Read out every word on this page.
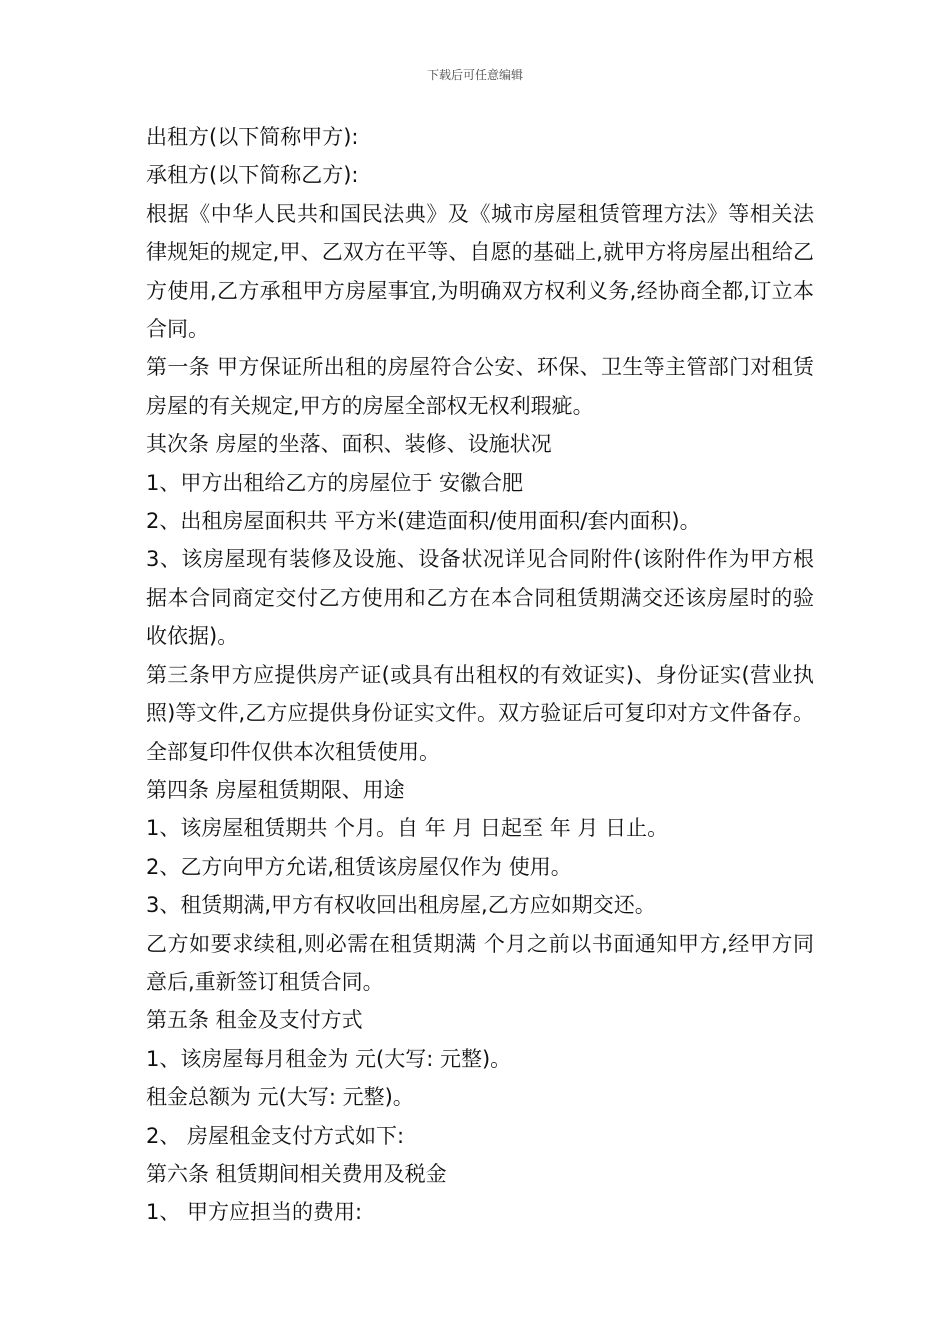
下载后可任意编辑

出租方(以下简称甲方):

承租方(以下简称乙方):

根据《中华人民共和国民法典》及《城市房屋租赁管理方法》等相关法律规矩的规定,甲、乙双方在平等、自愿的基础上,就甲方将房屋出租给乙方使用,乙方承租甲方房屋事宜,为明确双方权利义务,经协商全都,订立本合同。

第一条 甲方保证所出租的房屋符合公安、环保、卫生等主管部门对租赁房屋的有关规定,甲方的房屋全部权无权利瑕疵。

其次条 房屋的坐落、面积、装修、设施状况

1、甲方出租给乙方的房屋位于 安徽合肥

2、出租房屋面积共 平方米(建造面积/使用面积/套内面积)。

3、该房屋现有装修及设施、设备状况详见合同附件(该附件作为甲方根据本合同商定交付乙方使用和乙方在本合同租赁期满交还该房屋时的验收依据)。

第三条甲方应提供房产证(或具有出租权的有效证实)、身份证实(营业执照)等文件,乙方应提供身份证实文件。双方验证后可复印对方文件备存。全部复印件仅供本次租赁使用。

第四条 房屋租赁期限、用途

1、该房屋租赁期共 个月。自 年 月 日起至 年 月 日止。

2、乙方向甲方允诺,租赁该房屋仅作为 使用。

3、租赁期满,甲方有权收回出租房屋,乙方应如期交还。

乙方如要求续租,则必需在租赁期满 个月之前以书面通知甲方,经甲方同意后,重新签订租赁合同。

第五条 租金及支付方式

1、该房屋每月租金为 元(大写: 元整)。

租金总额为 元(大写: 元整)。

2、 房屋租金支付方式如下:

第六条 租赁期间相关费用及税金

1、 甲方应担当的费用:
